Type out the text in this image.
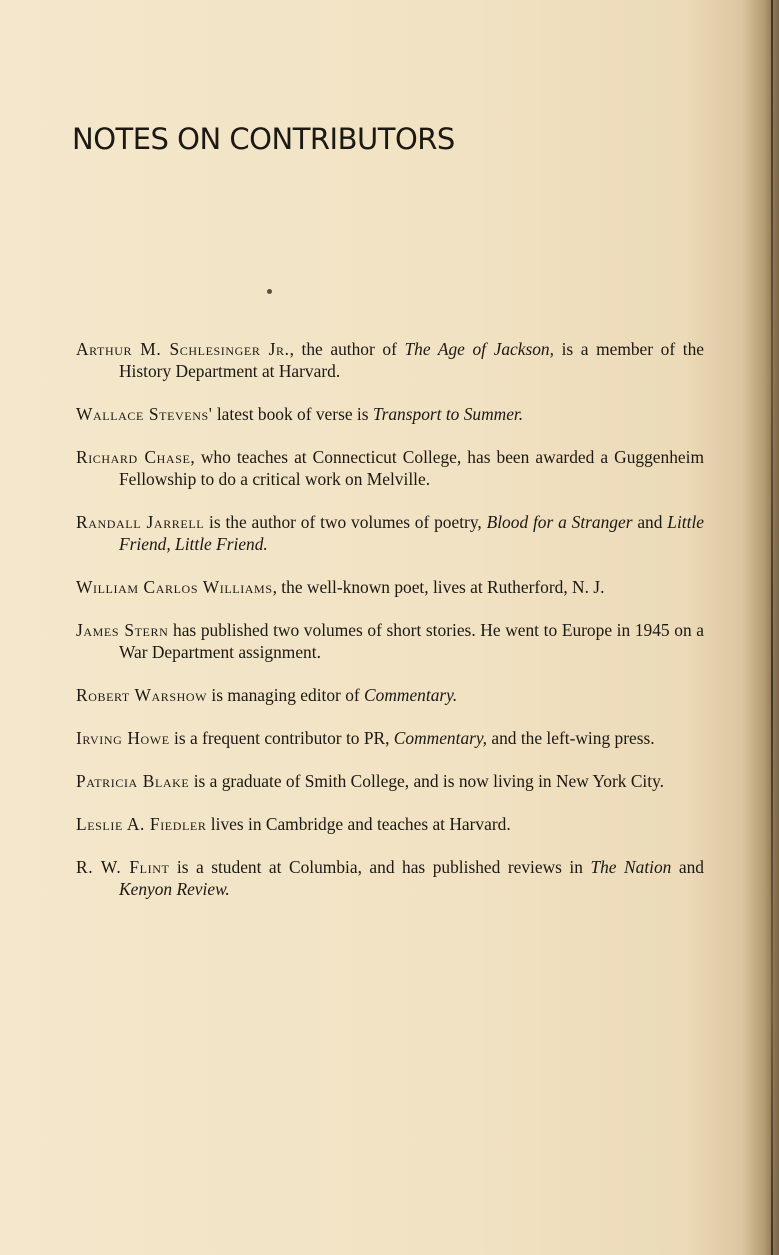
NOTES ON CONTRIBUTORS
Arthur M. Schlesinger Jr., the author of The Age of Jackson, is a member of the History Department at Harvard.
Wallace Stevens' latest book of verse is Transport to Summer.
Richard Chase, who teaches at Connecticut College, has been awarded a Guggenheim Fellowship to do a critical work on Melville.
Randall Jarrell is the author of two volumes of poetry, Blood for a Stranger and Little Friend, Little Friend.
William Carlos Williams, the well-known poet, lives at Rutherford, N. J.
James Stern has published two volumes of short stories. He went to Europe in 1945 on a War Department assignment.
Robert Warshow is managing editor of Commentary.
Irving Howe is a frequent contributor to PR, Commentary, and the left-wing press.
Patricia Blake is a graduate of Smith College, and is now living in New York City.
Leslie A. Fiedler lives in Cambridge and teaches at Harvard.
R. W. Flint is a student at Columbia, and has published reviews in The Nation and Kenyon Review.
